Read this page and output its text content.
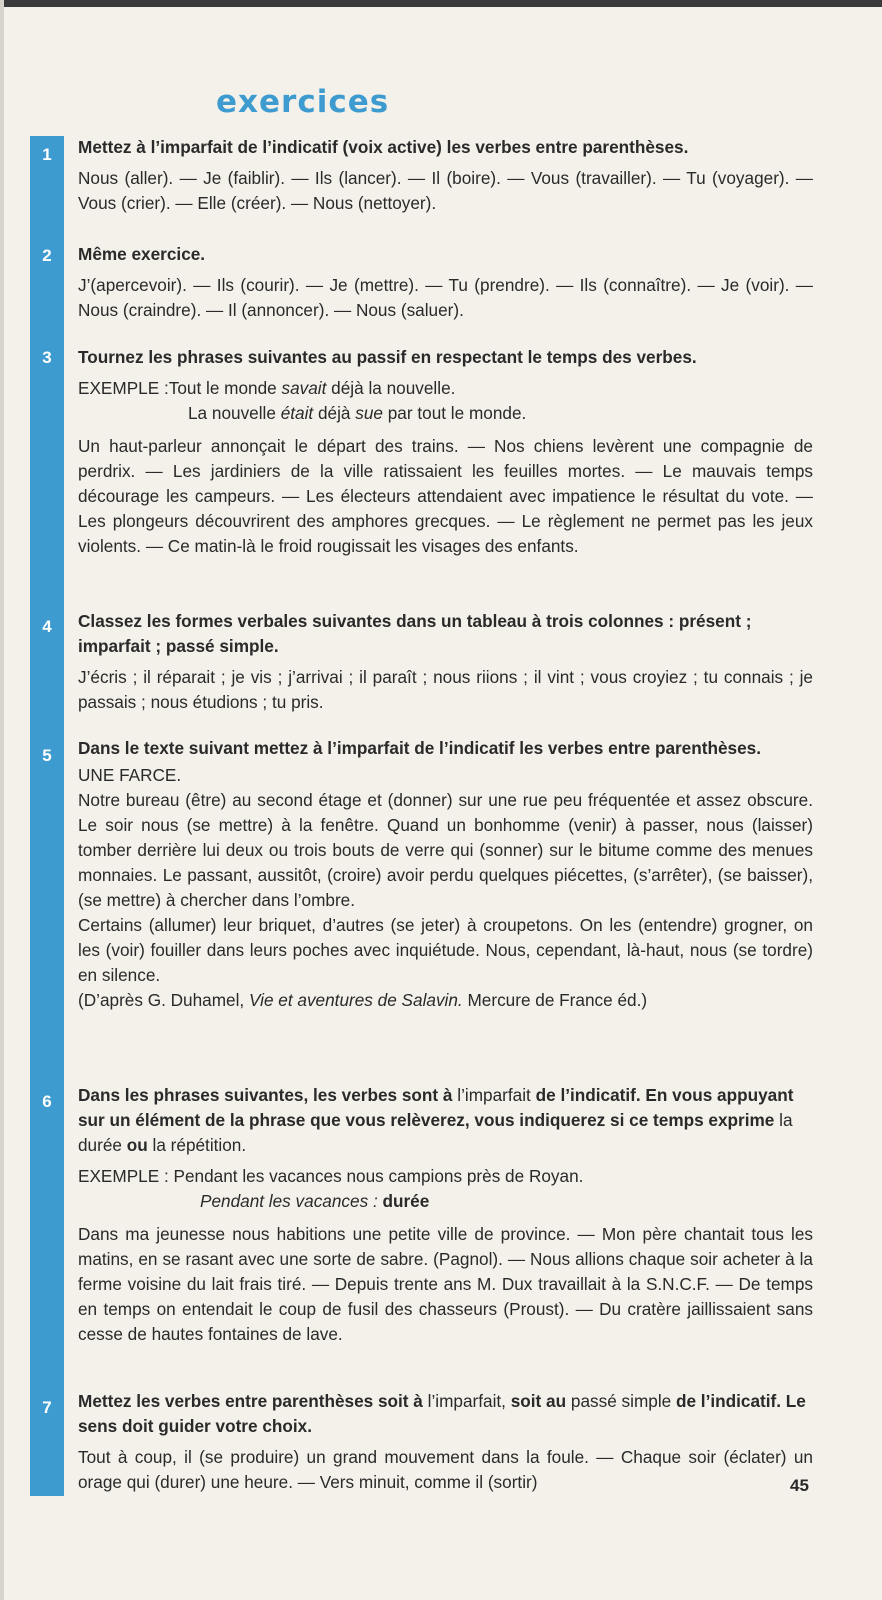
exercices
1
2
3
4
5
6
7

Mettez à l’imparfait de l’indicatif (voix active) les verbes entre parenthèses.

Nous (aller). — Je (faiblir). — Ils (lancer). — Il (boire). — Vous (travailler). — Tu (voyager). — Vous (crier). — Elle (créer). — Nous (nettoyer).

Même exercice.

J’(apercevoir). — Ils (courir). — Je (mettre). — Tu (prendre). — Ils (connaître). — Je (voir). — Nous (craindre). — Il (annoncer). — Nous (saluer).

Tournez les phrases suivantes au passif en respectant le temps des verbes.

EXEMPLE :Tout le monde savait déjà la nouvelle.

La nouvelle était déjà sue par tout le monde.

Un haut-parleur annonçait le départ des trains. — Nos chiens levèrent une compagnie de perdrix. — Les jardiniers de la ville ratissaient les feuilles mortes. — Le mauvais temps décourage les campeurs. — Les électeurs attendaient avec impatience le résultat du vote. — Les plongeurs découvrirent des amphores grecques. — Le règlement ne permet pas les jeux violents. — Ce matin-là le froid rougissait les visages des enfants.

Classez les formes verbales suivantes dans un tableau à trois colonnes : présent ; imparfait ; passé simple.

J’écris ; il réparait ; je vis ; j’arrivai ; il paraît ; nous riions ; il vint ; vous croyiez ; tu connais ; je passais ; nous étudions ; tu pris.

Dans le texte suivant mettez à l’imparfait de l’indicatif les verbes entre parenthèses.

UNE FARCE.

Notre bureau (être) au second étage et (donner) sur une rue peu fréquentée et assez obscure. Le soir nous (se mettre) à la fenêtre. Quand un bonhomme (venir) à passer, nous (laisser) tomber derrière lui deux ou trois bouts de verre qui (sonner) sur le bitume comme des menues monnaies. Le passant, aussitôt, (croire) avoir perdu quelques piécettes, (s’arrêter), (se baisser), (se mettre) à chercher dans l’ombre.

Certains (allumer) leur briquet, d’autres (se jeter) à croupetons. On les (entendre) grogner, on les (voir) fouiller dans leurs poches avec inquiétude. Nous, cependant, là-haut, nous (se tordre) en silence.

(D’après G. Duhamel, Vie et aventures de Salavin. Mercure de France éd.)

Dans les phrases suivantes, les verbes sont à l’imparfait de l’indicatif. En vous appuyant sur un élément de la phrase que vous relèverez, vous indiquerez si ce temps exprime la durée ou la répétition.

EXEMPLE : Pendant les vacances nous campions près de Royan.

Pendant les vacances : durée

Dans ma jeunesse nous habitions une petite ville de province. — Mon père chantait tous les matins, en se rasant avec une sorte de sabre. (Pagnol). — Nous allions chaque soir acheter à la ferme voisine du lait frais tiré. — Depuis trente ans M. Dux travaillait à la S.N.C.F. — De temps en temps on entendait le coup de fusil des chasseurs (Proust). — Du cratère jaillissaient sans cesse de hautes fontaines de lave.

Mettez les verbes entre parenthèses soit à l’imparfait, soit au passé simple de l’indicatif. Le sens doit guider votre choix.

Tout à coup, il (se produire) un grand mouvement dans la foule. — Chaque soir (éclater) un orage qui (durer) une heure. — Vers minuit, comme il (sortir)	45
